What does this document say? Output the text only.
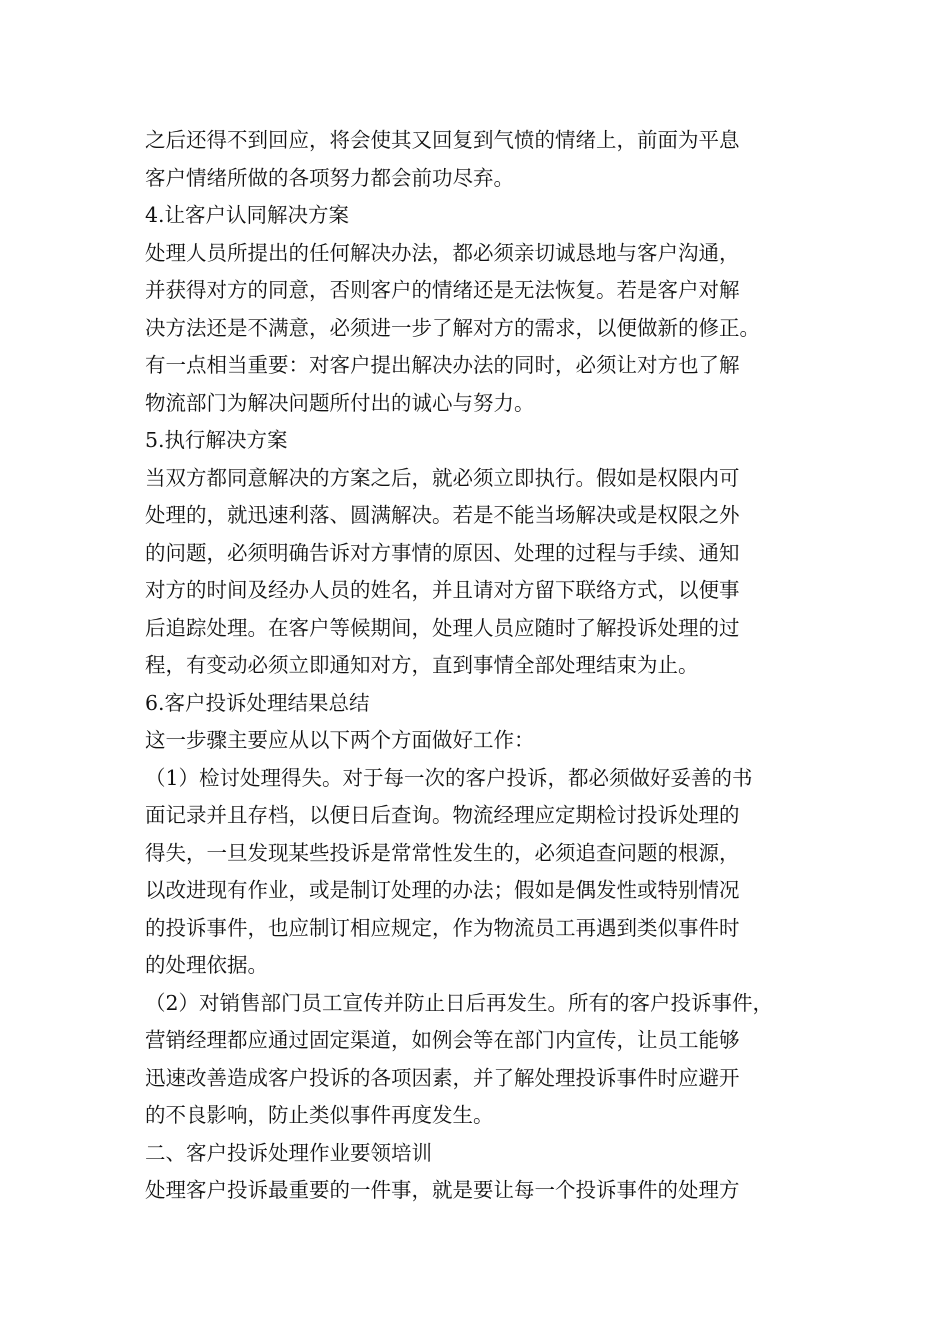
之后还得不到回应，将会使其又回复到气愤的情绪上，前面为平息
客户情绪所做的各项努力都会前功尽弃。
4.让客户认同解决方案
处理人员所提出的任何解决办法，都必须亲切诚恳地与客户沟通，
并获得对方的同意，否则客户的情绪还是无法恢复。若是客户对解
决方法还是不满意，必须进一步了解对方的需求，以便做新的修正。
有一点相当重要：对客户提出解决办法的同时，必须让对方也了解
物流部门为解决问题所付出的诚心与努力。
5.执行解决方案
当双方都同意解决的方案之后，就必须立即执行。假如是权限内可
处理的，就迅速利落、圆满解决。若是不能当场解决或是权限之外
的问题，必须明确告诉对方事情的原因、处理的过程与手续、通知
对方的时间及经办人员的姓名，并且请对方留下联络方式，以便事
后追踪处理。在客户等候期间，处理人员应随时了解投诉处理的过
程，有变动必须立即通知对方，直到事情全部处理结束为止。
6.客户投诉处理结果总结
这一步骤主要应从以下两个方面做好工作：
（1）检讨处理得失。对于每一次的客户投诉，都必须做好妥善的书
面记录并且存档，以便日后查询。物流经理应定期检讨投诉处理的
得失，一旦发现某些投诉是常常性发生的，必须追查问题的根源，
以改进现有作业，或是制订处理的办法；假如是偶发性或特别情况
的投诉事件，也应制订相应规定，作为物流员工再遇到类似事件时
的处理依据。
（2）对销售部门员工宣传并防止日后再发生。所有的客户投诉事件，
营销经理都应通过固定渠道，如例会等在部门内宣传，让员工能够
迅速改善造成客户投诉的各项因素，并了解处理投诉事件时应避开
的不良影响，防止类似事件再度发生。
二、客户投诉处理作业要领培训
处理客户投诉最重要的一件事，就是要让每一个投诉事件的处理方
